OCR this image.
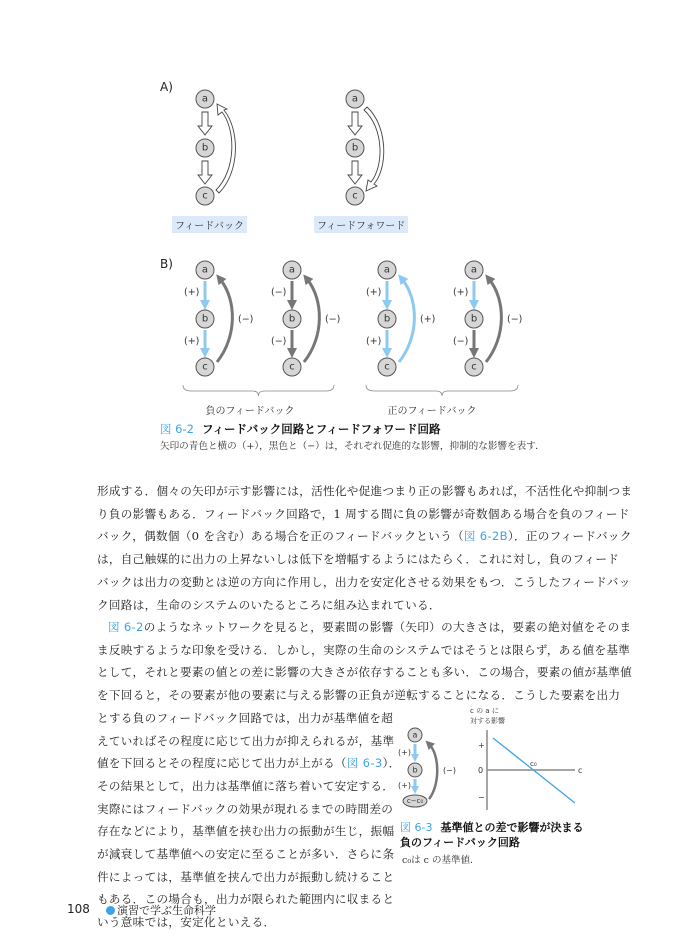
A)
a
b
c
a
b
c
フィードバック	フィードフォワード
B)	a
b
c
(+)
(+)
(−)
a
b
c
(−)
(−)
(−)
a
b
c
(+)
(+)
(+)
a
b
c
(+)
(−)
(−)
負のフィードバック	正のフィードバック
図 6-2 フィードバック回路とフィードフォワード回路
矢印の青色と横の（+），黒色と（−）は，それぞれ促進的な影響，抑制的な影響を表す．

形成する．個々の矢印が示す影響には，活性化や促進つまり正の影響もあれば，不活性化や抑制つま

り負の影響もある．フィードバック回路で，1 周する間に負の影響が奇数個ある場合を負のフィード

バック，偶数個（0 を含む）ある場合を正のフィードバックという（図 6-2B）．正のフィードバック

は，自己触媒的に出力の上昇ないしは低下を増幅するようにはたらく．これに対し，負のフィード

バックは出力の変動とは逆の方向に作用し，出力を安定化させる効果をもつ．こうしたフィードバッ

ク回路は，生命のシステムのいたるところに組み込まれている．

図 6-2のようなネットワークを見ると，要素間の影響（矢印）の大きさは，要素の絶対値をそのま

ま反映するような印象を受ける．しかし，実際の生命のシステムではそうとは限らず，ある値を基準

として，それと要素の値との差に影響の大きさが依存することも多い．この場合，要素の値が基準値

を下回ると，その要素が他の要素に与える影響の正負が逆転することになる．こうした要素を出力

とする負のフィードバック回路では，出力が基準値を超

えていればその程度に応じて出力が抑えられるが，基準

値を下回るとその程度に応じて出力が上がる（図 6-3）．

その結果として，出力は基準値に落ち着いて安定する．

実際にはフィードバックの効果が現れるまでの時間差の

存在などにより，基準値を挟む出力の振動が生じ，振幅

が減衰して基準値への安定に至ることが多い．さらに条

件によっては，基準値を挟んで出力が振動し続けること

もある．この場合も，出力が限られた範囲内に収まると

いう意味では，安定化といえる．

a
b
c−c₀
(+)
(+)
(−)
c の a に
対する影響
+
0
−
c
c₀
図 6-3 基準値との差で影響が決まる
負のフィードバック回路
c₀は c の基準値．
108	演習で学ぶ生命科学
